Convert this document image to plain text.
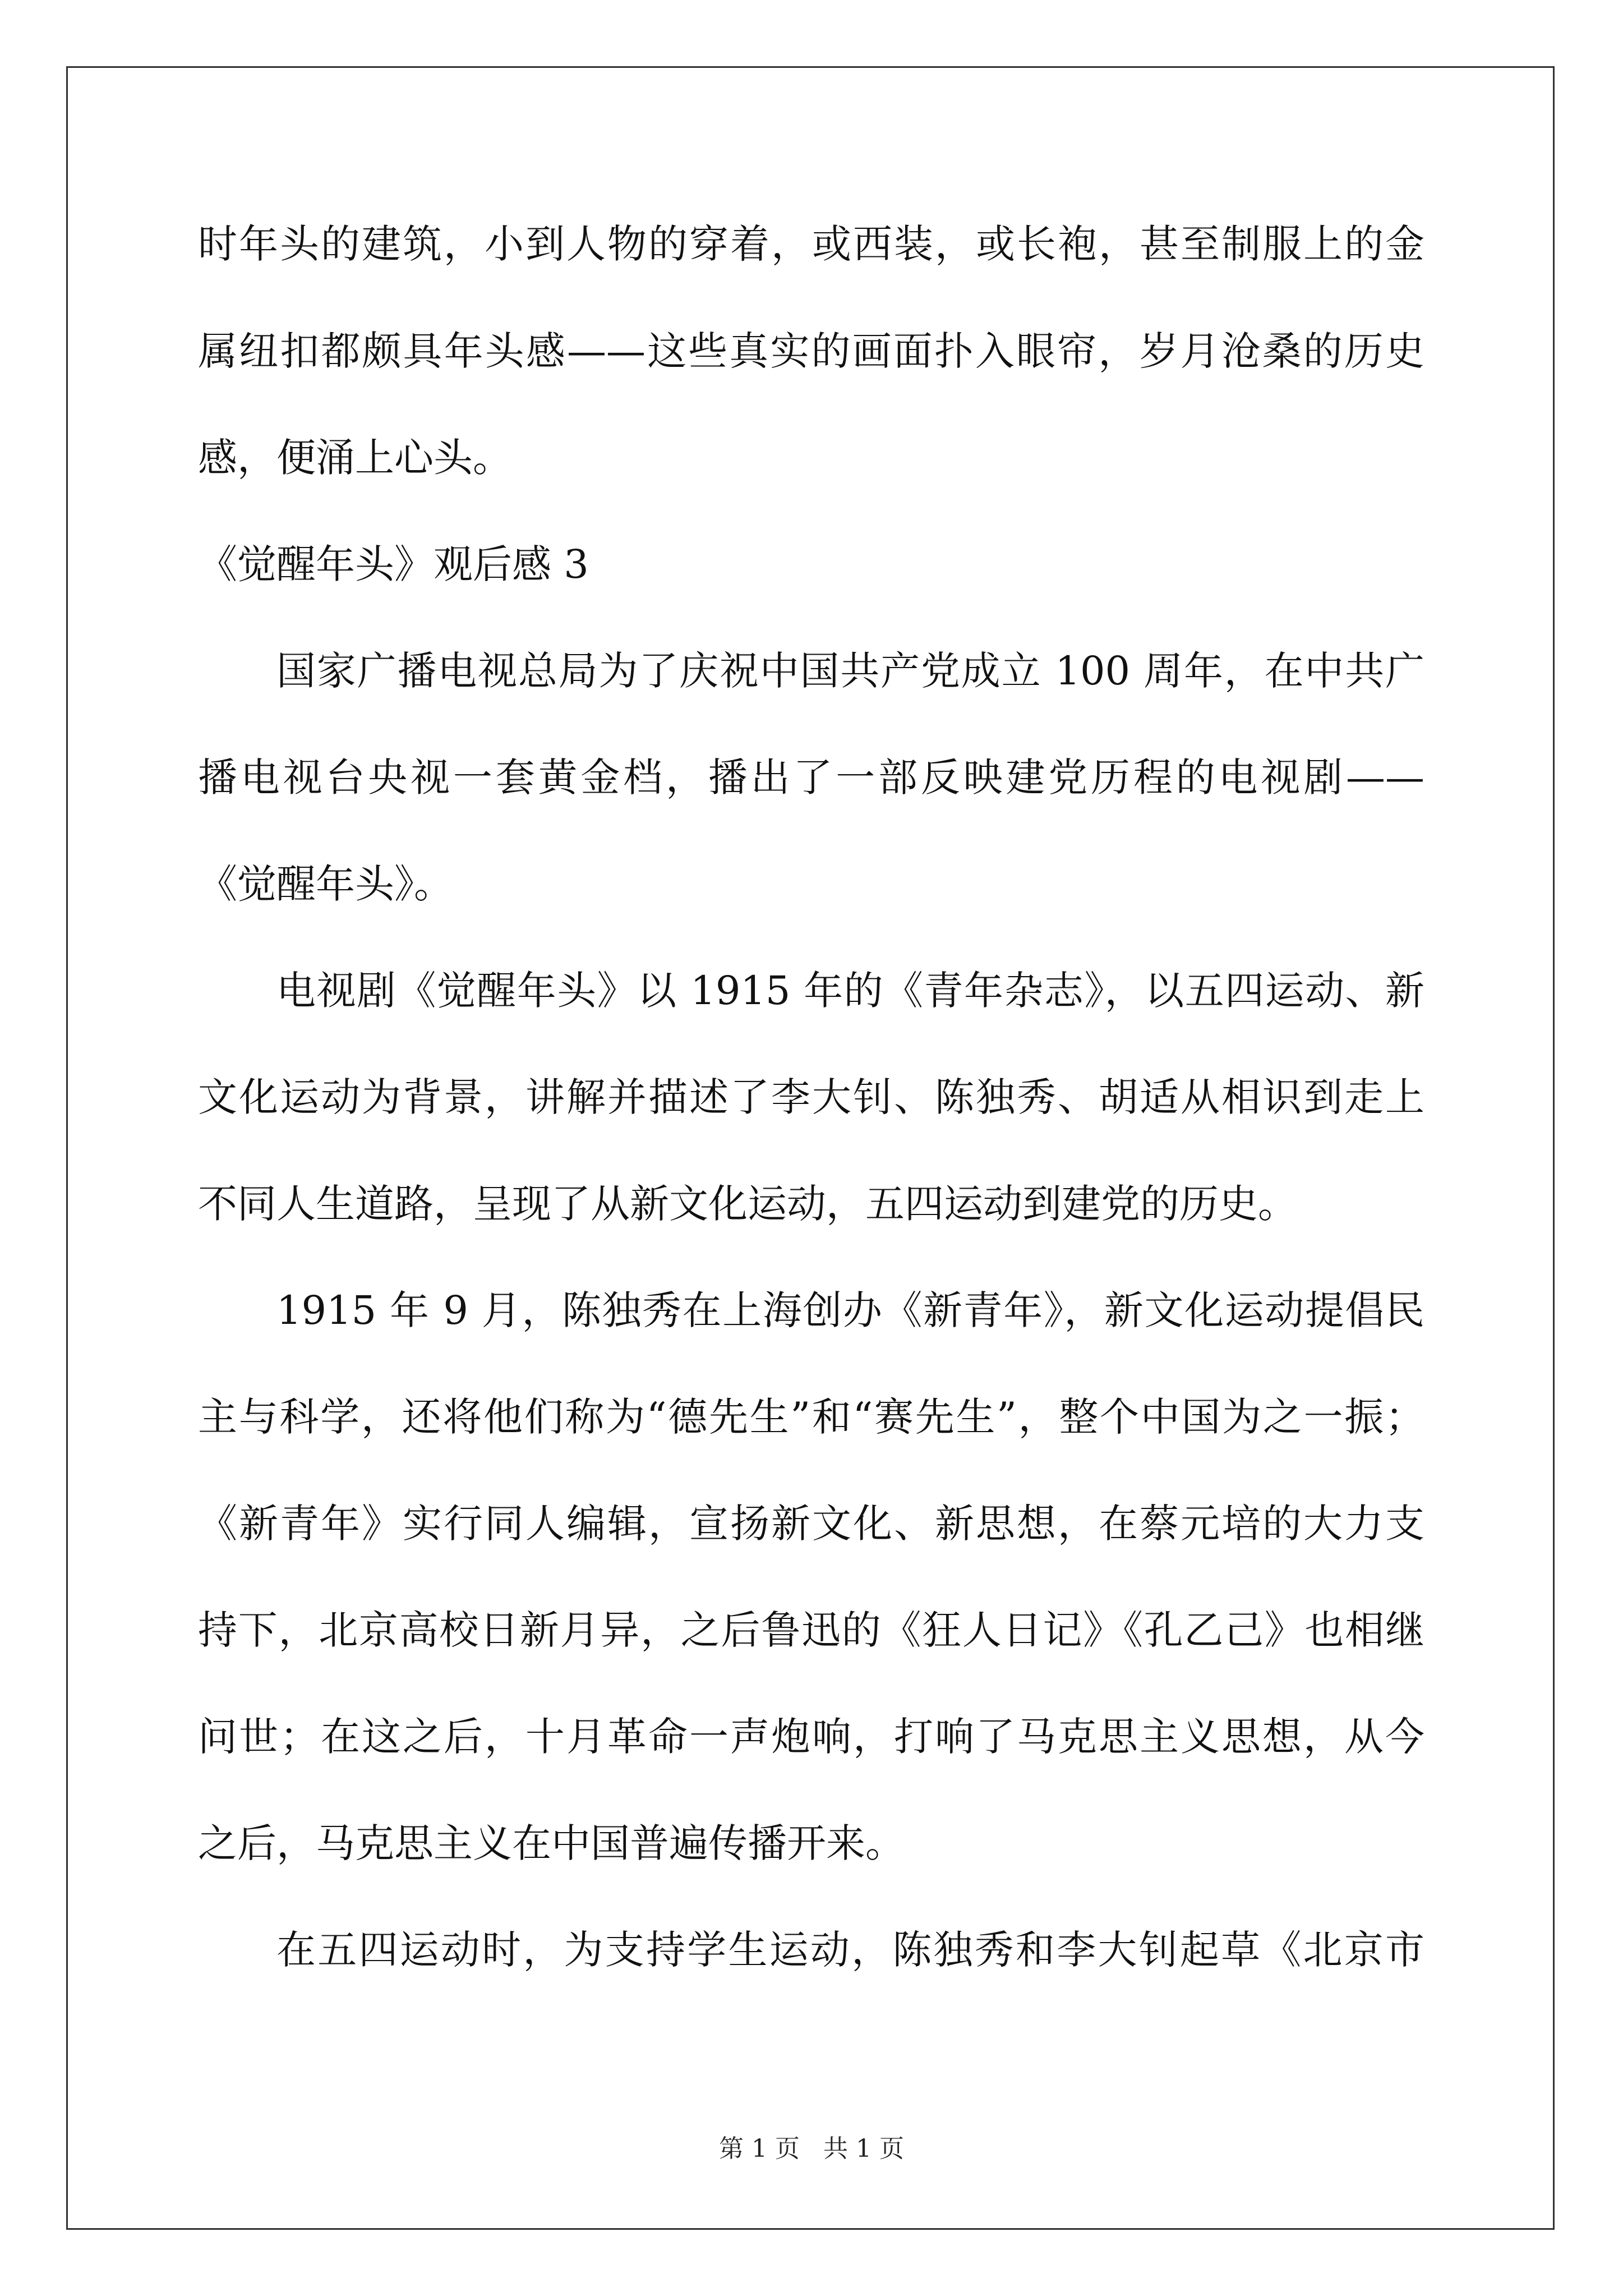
时年头的建筑，小到人物的穿着，或西装，或长袍，甚至制服上的金

属纽扣都颇具年头感——这些真实的画面扑入眼帘，岁月沧桑的历史

感，便涌上心头。

《觉醒年头》观后感 3

国家广播电视总局为了庆祝中国共产党成立 100 周年，在中共广

播电视台央视一套黄金档，播出了一部反映建党历程的电视剧——

《觉醒年头》。

电视剧《觉醒年头》以 1915 年的《青年杂志》，以五四运动、新

文化运动为背景，讲解并描述了李大钊、陈独秀、胡适从相识到走上

不同人生道路，呈现了从新文化运动，五四运动到建党的历史。

1915 年 9 月，陈独秀在上海创办《新青年》，新文化运动提倡民

主与科学，还将他们称为“德先生”和“赛先生”，整个中国为之一振；

《新青年》实行同人编辑，宣扬新文化、新思想，在蔡元培的大力支

持下，北京高校日新月异，之后鲁迅的《狂人日记》《孔乙己》也相继

问世；在这之后，十月革命一声炮响，打响了马克思主义思想，从今

之后，马克思主义在中国普遍传播开来。

在五四运动时，为支持学生运动，陈独秀和李大钊起草《北京市

第 1 页   共 1 页
